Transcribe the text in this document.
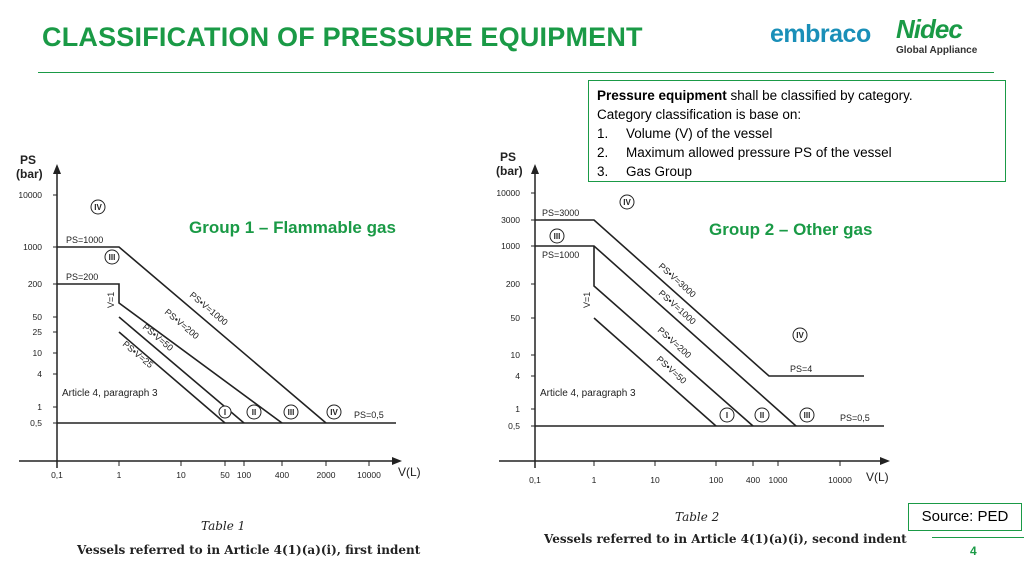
CLASSIFICATION OF PRESSURE EQUIPMENT	embraco Nidec
Global Appliance
Pressure equipment shall be classified by category.
Category classification is base on:
1.	Volume (V) of the vessel
2.	Maximum allowed pressure PS of the vessel
3.	Gas Group
PS
(bar)
V(L)
10000
1000
200
50
25
10
4
1
0,5
0,1	1	10	50 100	400	2000	10000
PS=1000
PS=200
V=1	PS•V=1000
PS•V=200
PS•V=50
PS•V=25
PS=0,5
Article 4, paragraph 3
IV
III
I	II	III	IV
PS
(bar)
V(L)
10000
3000
1000
200
50
10
4
1
0,5
0,1	1	10	100	400 1000	10000
PS=3000
PS=1000
V=1
PS•V=3000
PS•V=1000
PS•V=200
PS•V=50	PS=4
PS=0,5
Article 4, paragraph 3
IV
III
IV
I	II	III
Group 1 – Flammable gas	Group 2 – Other gas
Table 1
Vessels referred to in Article 4(1)(a)(i), first indent
Table 2
Vessels referred to in Article 4(1)(a)(i), second indent
Source: PED
4
